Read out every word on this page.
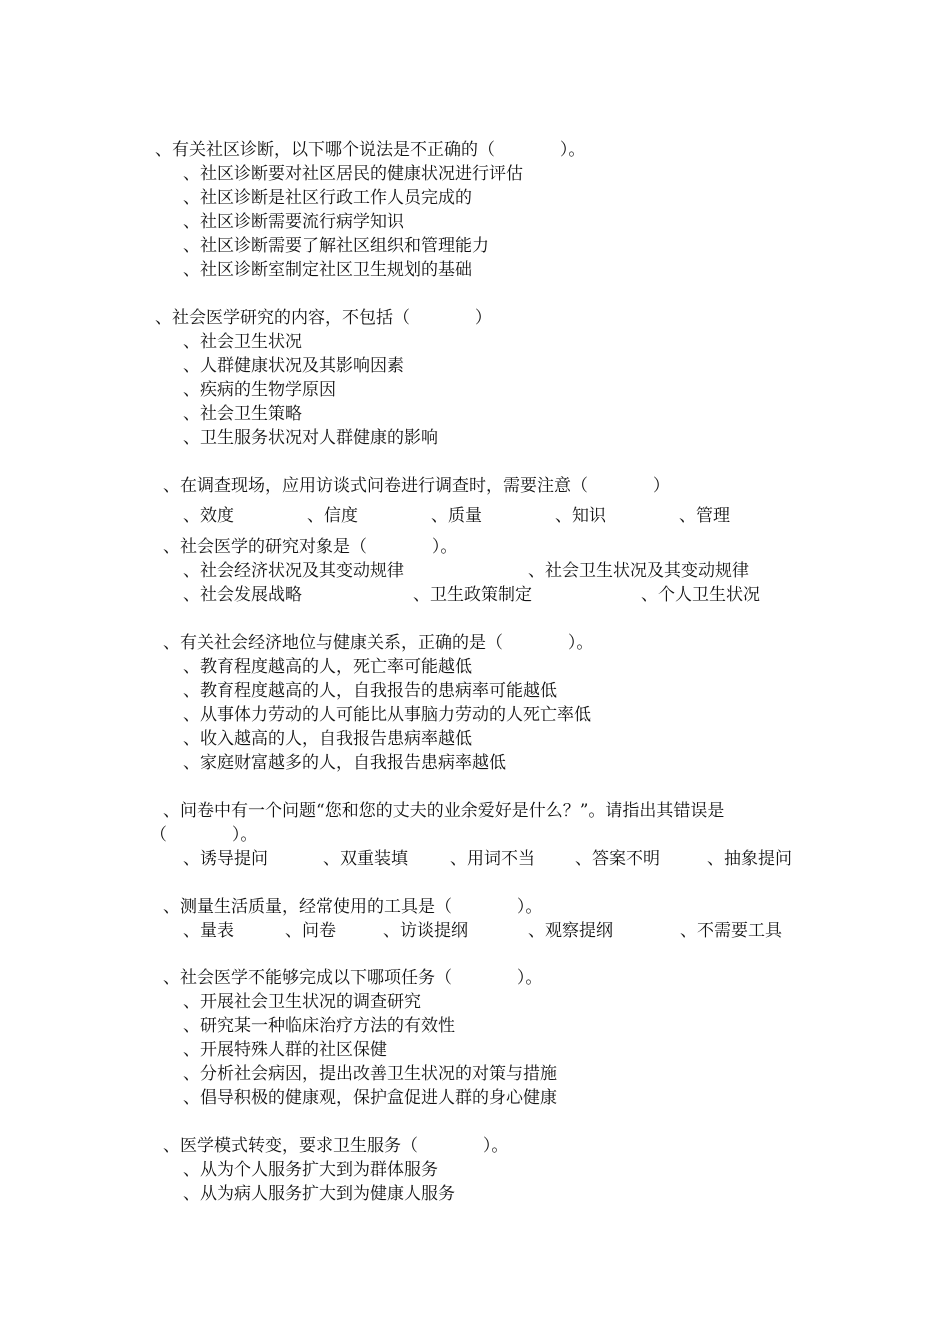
、有关社区诊断，以下哪个说法是不正确的（            ）。
、社区诊断要对社区居民的健康状况进行评估
、社区诊断是社区行政工作人员完成的
、社区诊断需要流行病学知识
、社区诊断需要了解社区组织和管理能力
、社区诊断室制定社区卫生规划的基础
、社会医学研究的内容，不包括（            ）
、社会卫生状况
、人群健康状况及其影响因素
、疾病的生物学原因
、社会卫生策略
、卫生服务状况对人群健康的影响
、在调查现场，应用访谈式问卷进行调查时，需要注意（            ）

、效度

	、信度

	、质量

	、知识

	、管理

、社会医学的研究对象是（            ）。

、社会经济状况及其变动规律

	、社会卫生状况及其变动规律

、社会发展战略

	、卫生政策制定

	、个人卫生状况

、有关社会经济地位与健康关系，正确的是（            ）。
、教育程度越高的人，死亡率可能越低
、教育程度越高的人，自我报告的患病率可能越低
、从事体力劳动的人可能比从事脑力劳动的人死亡率低
、收入越高的人，自我报告患病率越低
、家庭财富越多的人，自我报告患病率越低
、问卷中有一个问题“您和您的丈夫的业余爱好是什么？”。请指出其错误是
（            ）。

、诱导提问

	、双重装填

、用词不当

、答案不明

	、抽象提问

、测量生活质量，经常使用的工具是（            ）。

、量表

	、问卷

	、访谈提纲

	、观察提纲

	、不需要工具

、社会医学不能够完成以下哪项任务（            ）。
、开展社会卫生状况的调查研究
、研究某一种临床治疗方法的有效性
、开展特殊人群的社区保健
、分析社会病因，提出改善卫生状况的对策与措施
、倡导积极的健康观，保护盒促进人群的身心健康
、医学模式转变，要求卫生服务（            ）。
、从为个人服务扩大到为群体服务
、从为病人服务扩大到为健康人服务
